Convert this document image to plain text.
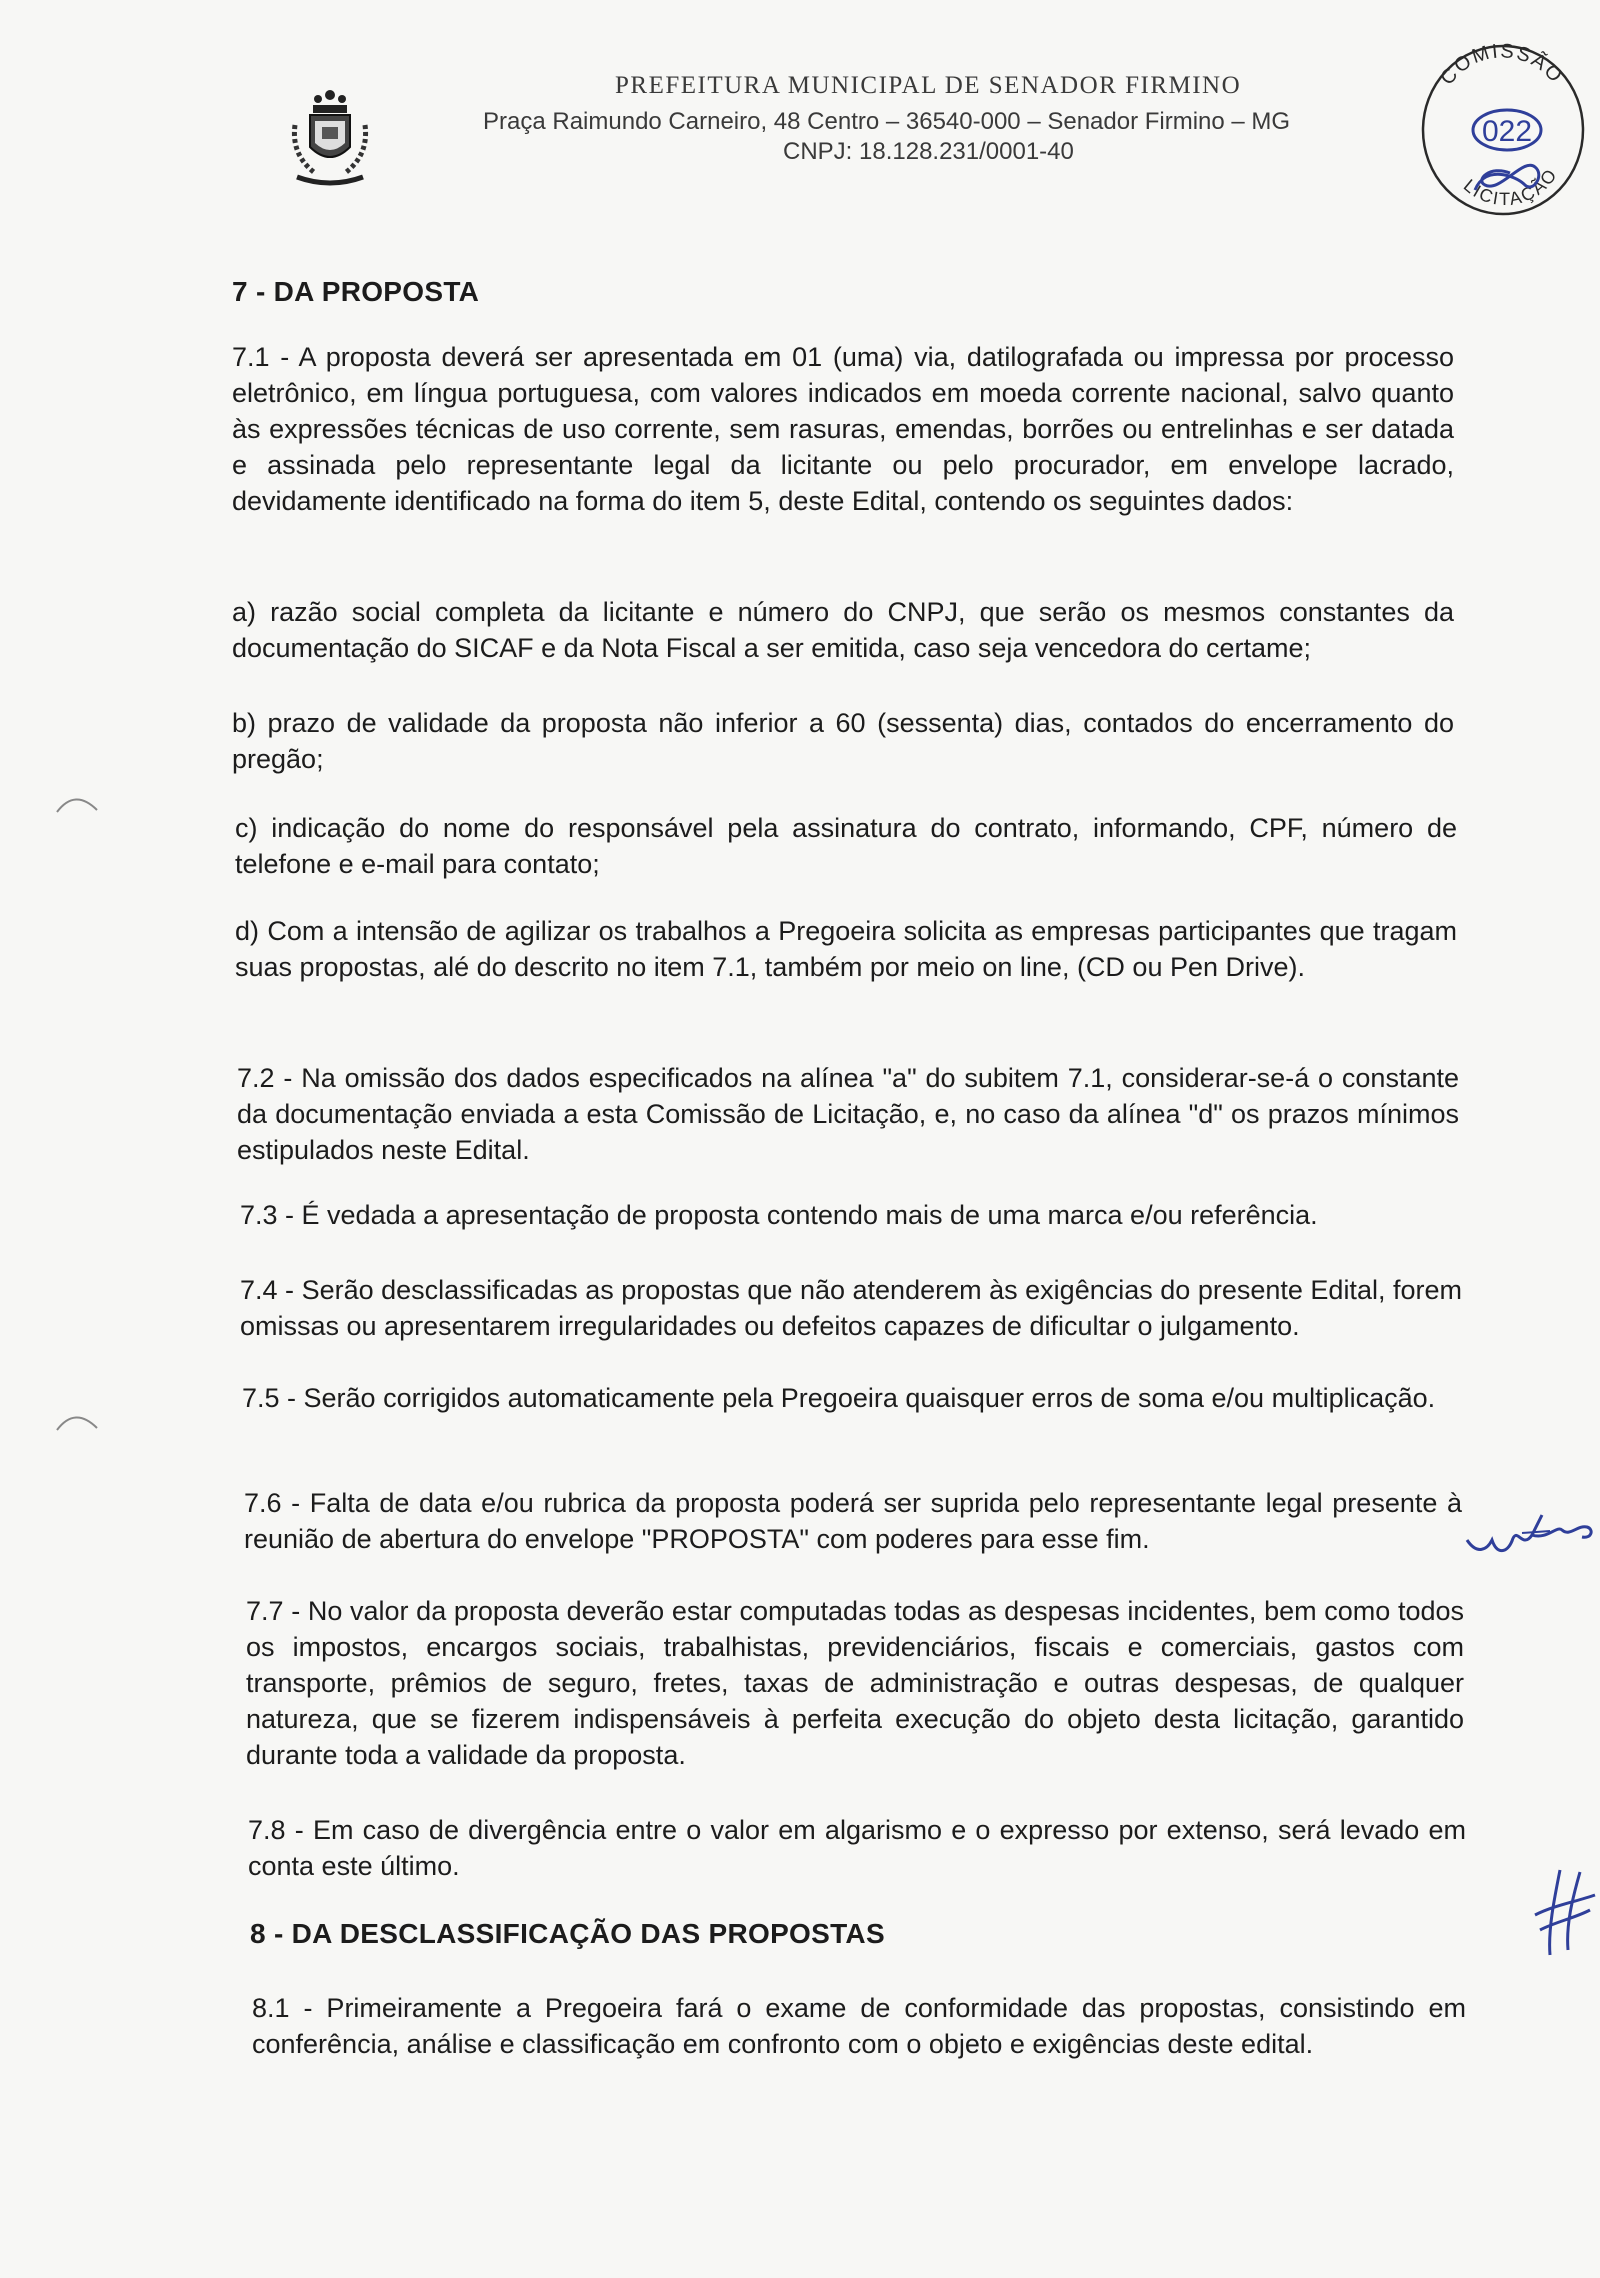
PREFEITURA MUNICIPAL DE SENADOR FIRMINO
Praça Raimundo Carneiro, 48 Centro – 36540-000 – Senador Firmino – MG
CNPJ: 18.128.231/0001-40
COMISSÃO
LICITAÇÃO
022
7 - DA PROPOSTA
7.1 - A proposta deverá ser apresentada em 01 (uma) via, datilografada ou impressa por processo eletrônico, em língua portuguesa, com valores indicados em moeda corrente nacional, salvo quanto às expressões técnicas de uso corrente, sem rasuras, emendas, borrões ou entrelinhas e ser datada e assinada pelo representante legal da licitante ou pelo procurador, em envelope lacrado, devidamente identificado na forma do item 5, deste Edital, contendo os seguintes dados:
a) razão social completa da licitante e número do CNPJ, que serão os mesmos constantes da documentação do SICAF e da Nota Fiscal a ser emitida, caso seja vencedora do certame;
b) prazo de validade da proposta não inferior a 60 (sessenta) dias, contados do encerramento do pregão;
c) indicação do nome do responsável pela assinatura do contrato, informando, CPF, número de telefone e e-mail para contato;
d) Com a intensão de agilizar os trabalhos a Pregoeira solicita as empresas participantes que tragam suas propostas, alé do descrito no item 7.1, também por meio on line, (CD ou Pen Drive).
7.2 - Na omissão dos dados especificados na alínea "a" do subitem 7.1, considerar-se-á o constante da documentação enviada a esta Comissão de Licitação, e, no caso da alínea "d" os prazos mínimos estipulados neste Edital.
7.3 - É vedada a apresentação de proposta contendo mais de uma marca e/ou referência.
7.4 - Serão desclassificadas as propostas que não atenderem às exigências do presente Edital, forem omissas ou apresentarem irregularidades ou defeitos capazes de dificultar o julgamento.
7.5 - Serão corrigidos automaticamente pela Pregoeira quaisquer erros de soma e/ou multiplicação.
7.6 - Falta de data e/ou rubrica da proposta poderá ser suprida pelo representante legal presente à reunião de abertura do envelope "PROPOSTA" com poderes para esse fim.
7.7 - No valor da proposta deverão estar computadas todas as despesas incidentes, bem como todos os impostos, encargos sociais, trabalhistas, previdenciários, fiscais e comerciais, gastos com transporte, prêmios de seguro, fretes, taxas de administração e outras despesas, de qualquer natureza, que se fizerem indispensáveis à perfeita execução do objeto desta licitação, garantido durante toda a validade da proposta.
7.8 - Em caso de divergência entre o valor em algarismo e o expresso por extenso, será levado em conta este último.
8 - DA DESCLASSIFICAÇÃO DAS PROPOSTAS
8.1 - Primeiramente a Pregoeira fará o exame de conformidade das propostas, consistindo em conferência, análise e classificação em confronto com o objeto e exigências deste edital.
